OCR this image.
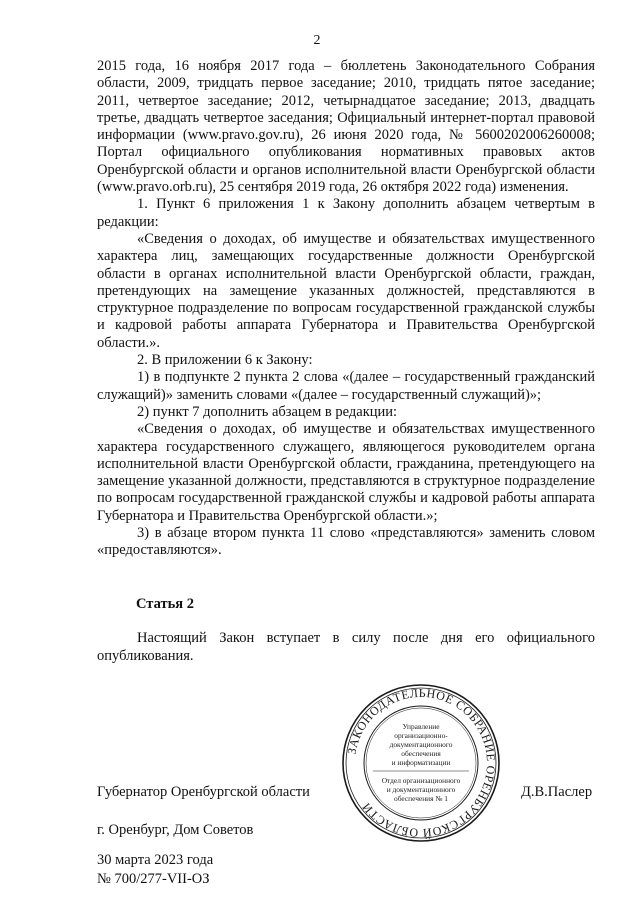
2

2015 года, 16 ноября 2017 года – бюллетень Законодательного Собрания области, 2009, тридцать первое заседание; 2010, тридцать пятое заседание; 2011, четвертое заседание; 2012, четырнадцатое заседание; 2013, двадцать третье, двадцать четвертое заседания; Официальный интернет-портал правовой информации (www.pravo.gov.ru), 26 июня 2020 года, № 5600202006260008; Портал официального опубликования нормативных правовых актов Оренбургской области и органов исполнительной власти Оренбургской области (www.pravo.orb.ru), 25 сентября 2019 года, 26 октября 2022 года) изменения.

1. Пункт 6 приложения 1 к Закону дополнить абзацем четвертым в редакции:

«Сведения о доходах, об имуществе и обязательствах имущественного характера лиц, замещающих государственные должности Оренбургской области в органах исполнительной власти Оренбургской области, граждан, претендующих на замещение указанных должностей, представляются в структурное подразделение по вопросам государственной гражданской службы и кадровой работы аппарата Губернатора и Правительства Оренбургской области.».

2. В приложении 6 к Закону:

1) в подпункте 2 пункта 2 слова «(далее – государственный гражданский служащий)» заменить словами «(далее – государственный служащий)»;

2) пункт 7 дополнить абзацем в редакции:

«Сведения о доходах, об имуществе и обязательствах имущественного характера государственного служащего, являющегося руководителем органа исполнительной власти Оренбургской области, гражданина, претендующего на замещение указанной должности, представляются в структурное подразделение по вопросам государственной гражданской службы и кадровой работы аппарата Губернатора и Правительства Оренбургской области.»;

3) в абзаце втором пункта 11 слово «представляются» заменить словом «предоставляются».

Статья 2
Настоящий Закон вступает в силу после дня его официального опубликования.
ЗАКОНОДАТЕЛЬНОЕ СОБРАНИЕ ОРЕНБУРГСКОЙ ОБЛАСТИ
Управление
организационно-
документационного
обеспечения
и информатизации
Отдел организационного
и документационного
обеспечения № 1
Губернатор Оренбургской области	Д.В.Паслер
г. Оренбург, Дом Советов
30 марта 2023 года
№ 700/277-VII-ОЗ
